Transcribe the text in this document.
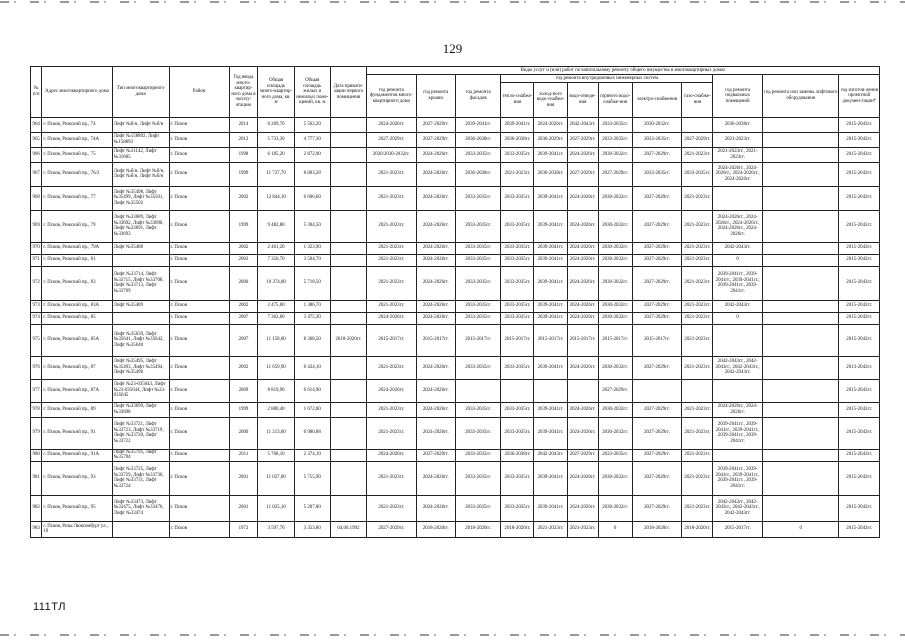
129
№ п/п	Адрес многоквартирного дома	Тип многоквартирного дома	Район	Год ввода много-квартир-ного дома в эксплу-атацию	Общая площадь много-квартир-ного дома, кв. м	Общая площадь жилых и нежилых поме-щений, кв. м	Дата привати-зации первого помещения	Виды услуг и (или) работ по капитальному ремонту общего имущества в многоквартирных домах											
								год ремонта фундаментов много-квартирного дома	год ремонта крыши	год ремонта фасадов	год ремонта внутридомовых инженерных систем						год ремонта подвальных помещений	год ремонта или замены лифтового оборудования	год изготов-ления проектной докумен-тации*
											тепло-снабже-ния	холод-ного водо-снабже-ния	водо-отведе-ния	горячего водо-снабже-ния	электро-снабжения	газо-снабже-ния			
964	г. Псков, Рижский пр., 74	Лифт №б/н, Лифт №б/н	г. Псков	2014	8 209,70	5 562,20		2024-2026гг.	2027-2029гг.	2039-2041гг.	2039-2041гг.	2024-2026гг.	2042-2043гг.	2033-2035гг.	2030-2032гг.		2036-2038гг.		2015-2043гг.
965	г. Псков, Рижский пр., 74А	Лифт №158892, Лифт №158893	г. Псков	2012	5 733,30	4 777,30		2027-2029гг.	2027-2029гг.	2036-2038гг.	2036-2038гг.	2036-2029гг.	2027-2029гг.	2033-2035гг.	2033-2035гг.	2027-2029гг.	2021-2023гг.		2015-2043гг.
966	г. Псков, Рижский пр., 75	Лифт №31142, Лифт №31685	г. Псков	1998	6 185,20	2 872,90		2020/2030-2032гг.	2024-2026гг.	2033-2035гг.	2033-2035гг.	2039-2041гг.	2024-2026гг.	2030-2032гг.	2027-2029гг.	2021-2023гг.	2021-2023гг., 2021-2023гг.		2015-2043гг.
967	г. Псков, Рижский пр., 76/2	Лифт №б/н, Лифт №б/н, Лифт №б/н, Лифт №б/н	г. Псков	1999	11 737,70	8 803,28		2021-2023гг.	2024-2026гг.	2036-2038гг.	2021-2023гг.	2036-2038гг.	2027-2029гг.	2027-2029гг.	2033-2035гг.	2033-2035гг.	2024-2026гг., 2024-2026гг., 2024-2026гг., 2024-2026гг.		2015-2043гг.
968	г. Псков, Рижский пр., 77	Лифт №35498, Лифт №35499, Лифт №35501, Лифт №35502	г. Псков	2002	12 844,10	6 606,60		2021-2023гг.	2024-2026гг.	2033-2035гг.	2033-2035гг.	2039-2041гг.	2024-2026гг.	2030-2032гг.	2027-2029гг.	2021-2023гг.			2015-2043гг.
969	г. Псков, Рижский пр., 79	Лифт №33689, Лифт №33692, Лифт №33690, Лифт №33691, Лифт №33693	г. Псков	1999	9 482,80	5 304,50		2021-2023гг.	2024-2026гг.	2033-2035гг.	2033-2035гг.	2039-2041гг.	2024-2026гг.	2030-2032гг.	2027-2029гг.	2021-2023гг.	2024-2026гг., 2024-2026гг., 2024-2026гг., 2024-2026гг., 2024-2026гг.		2015-2043гг.
970	г. Псков, Рижский пр., 79А	Лифт №35488	г. Псков	2002	2 461,20	1 323,90		2021-2023гг.	2024-2026гг.	2033-2035гг.	2033-2035гг.	2039-2041гг.	2024-2026гг.	2030-2032гг.	2027-2029гг.	2021-2023гг.	2042-2043гг.		2015-2043гг.
971	г. Псков, Рижский пр., 81		г. Псков	2003	7 350,70	3 504,70		2021-2023гг.	2024-2026гг.	2033-2035гг.	2033-2035гг.	2039-2041гг.	2024-2026гг.	2030-2032гг.	2027-2029гг.	2021-2023гг.	0		2015-2043гг.
972	г. Псков, Рижский пр., 83	Лифт №33714, Лифт №33715, Лифт №33708, Лифт №33713, Лифт №33709	г. Псков	2000	10 374,80	5 718,50		2021-2023гг.	2024-2026гг.	2033-2035гг.	2033-2035гг.	2039-2041гг.	2024-2026гг.	2030-2032гг.	2027-2029гг.	2021-2023гг.	2039-2041гг., 2039-2041гг., 2039-2041гг., 2039-2041гг., 2039-2041гг.		2015-2043гг.
973	г. Псков, Рижский пр., 83А	Лифт №35489	г. Псков	2002	2 475,60	1 386,70		2021-2023гг.	2024-2026гг.	2033-2035гг.	2033-2035гг.	2039-2041гг.	2024-2026гг.	2030-2032гг.	2027-2029гг.	2021-2023гг.	2042-2043гг.		2015-2043гг.
974	г. Псков, Рижский пр., 85		г. Псков	2007	7 362,60	3 475,30		2024-2026гг.	2024-2026гг.	2033-2035гг.	2033-2035гг.	2039-2041гг.	2024-2026гг.	2030-2032гг.	2027-2029гг.	2021-2023гг.	0		2015-2043гг.
975	г. Псков, Рижский пр., 85А	Лифт №35639, Лифт №35641, Лифт №35642, Лифт №35640	г. Псков	2007	11 158,00	8 368,50	2018-2020гг.	2015-2017гг.	2015-2017гг.	2015-2017гг.	2015-2017гг.	2015-2017гг.	2015-2017гг.	2015-2017гг.	2015-2017гг.	2021-2023гг.			2015-2043гг.
976	г. Псков, Рижский пр., 87	Лифт №35495, Лифт №35493, Лифт №35494, Лифт №35496	г. Псков	2002	11 659,90	6 434,10		2021-2023гг.	2024-2026гг.	2033-2035гг.	2033-2035гг.	2039-2041гг.	2024-2026гг.	2030-2032гг.	2027-2029гг.	2021-2023гг.	2042-2043гг., 2042-2043гг., 2042-2043гг., 2042-2043гг.		2013-2043гг.
977	г. Псков, Рижский пр., 87А	Лифт №23-035643, Лифт №23-035644, Лифт №23-035645	г. Псков	2009	8 819,90	6 614,90		2024-2026гг.	2024-2026гг.					2027-2029гг.					2015-2043гг.
978	г. Псков, Рижский пр., 89	Лифт №33699, Лифт №33698	г. Псков	1999	2 880,40	1 672,80		2021-2023гг.	2024-2026гг.	2033-2035гг.	2033-2035гг.	2039-2041гг.	2024-2026гг.	2030-2032гг.	2027-2029гг.	2021-2023гг.	2024-2026гг., 2024-2026гг.		2015-2043гг.
979	г. Псков, Рижский пр., 91	Лифт №33721, Лифт №33723, Лифт №33719, Лифт №33720, Лифт №33722	г. Псков	2000	11 213,60	6 980,88		2021-2023гг.	2024-2026гг.	2033-2035гг.	2033-2035гг.	2039-2041гг.	2024-2026гг.	2030-2032гг.	2027-2029гг.	2021-2023гг.	2039-2041гг., 2039-2041гг., 2039-2041гг., 2039-2041гг., 2039-2041гг.		2015-2043гг.
980	г. Псков, Рижский пр., 91А	Лифт №35795, Лифт №35794	г. Псков	2011	5 768,10	2 374,10		2024-2026гг.	2027-2029гг.	2033-2035гг.	2036-2038гг.	2042-2043гг.	2027-2029гг.	2033-2035гг.	2027-2029гг.	2021-2023гг.			2015-2043гг.
981	г. Псков, Рижский пр., 93	Лифт №33725, Лифт №33729, Лифт №33730, Лифт №33731, Лифт №33724	г. Псков	2001	11 027,00	5 755,90		2021-2023гг.	2024-2026гг.	2033-2035гг.	2033-2035гг.	2039-2041гг.	2024-2026гг.	2030-2032гг.	2027-2029гг.	2021-2023гг.	2039-2041гг., 2039-2041гг., 2039-2041гг., 2039-2041гг., 2039-2041гг.		2015-2043гг.
982	г. Псков, Рижский пр., 95	Лифт №33473, Лифт №33475, Лифт №33476, Лифт №33474	г. Псков	2001	11 025,10	5 207,80		2021-2023гг.	2024-2026гг.	2033-2035гг.	2033-2035гг.	2039-2041гг.	2024-2026гг.	2030-2032гг.	2027-2029гг.	2021-2023гг.	2042-2043гг., 2042-2043гг., 2042-2043гг., 2042-2043гг.		2015-2043гг.
983	г. Псков, Розы Люксембург ул., 19		г. Псков	1972	3 597,70	3 353,80	04.06.1992	2027-2029гг.	2018-2020гг.	2018-2020гг.	2018-2020гг.	2021-2023гг.	2021-2023гг.	0	2018-2020гг.	2018-2020гг.	2015-2017гг.	0	2015-2043гг.
111ТЛ
